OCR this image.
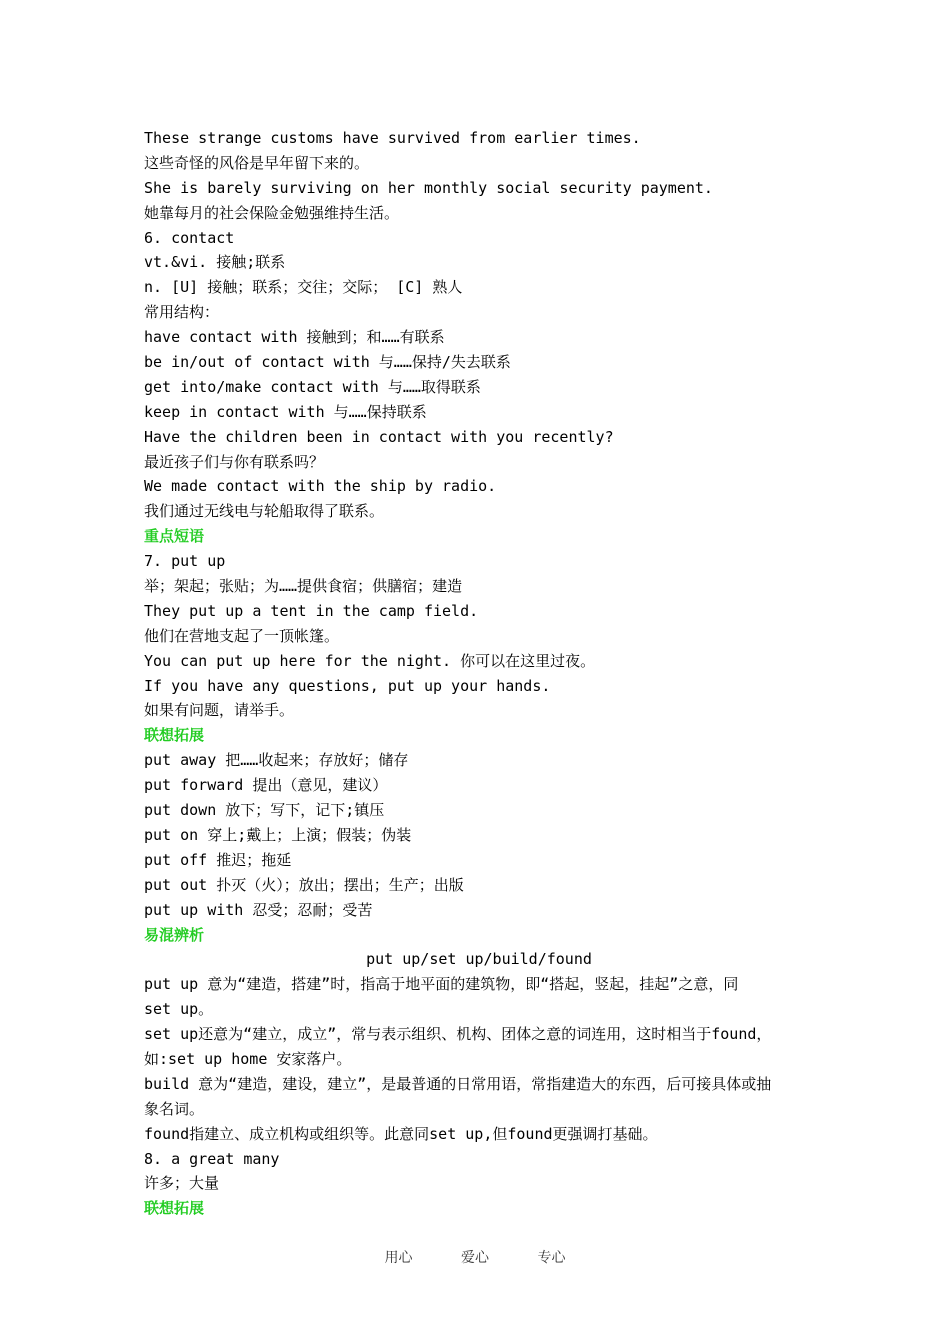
These strange customs have survived from earlier times.
这些奇怪的风俗是早年留下来的。
She is barely surviving on her monthly social security payment.
她靠每月的社会保险金勉强维持生活。
6. contact
vt.&vi. 接触;联系
n. [U] 接触；联系；交往；交际； [C] 熟人
常用结构：
have contact with 接触到；和……有联系
be in/out of contact with 与……保持/失去联系
get into/make contact with 与……取得联系
keep in contact with 与……保持联系
Have the children been in contact with you recently?
最近孩子们与你有联系吗？
We made contact with the ship by radio.
我们通过无线电与轮船取得了联系。
重点短语
7. put up
举；架起；张贴；为……提供食宿；供膳宿；建造
They put up a tent in the camp field.
他们在营地支起了一顶帐篷。
You can put up here for the night. 你可以在这里过夜。
If you have any questions, put up your hands.
如果有问题，请举手。
联想拓展
put away 把……收起来；存放好；储存
put forward 提出（意见，建议）
put down 放下；写下，记下;镇压
put on 穿上;戴上；上演；假装；伪装
put off 推迟；拖延
put out 扑灭（火）；放出；摆出；生产；出版
put up with 忍受；忍耐；受苦
易混辨析
put up/set up/build/found
put up 意为“建造，搭建”时，指高于地平面的建筑物，即“搭起，竖起，挂起”之意，同
set up。
set up还意为“建立，成立”，常与表示组织、机构、团体之意的词连用，这时相当于found，
如:set up home 安家落户。
build 意为“建造，建设，建立”，是最普通的日常用语，常指建造大的东西，后可接具体或抽
象名词。
found指建立、成立机构或组织等。此意同set up,但found更强调打基础。
8. a great many
许多；大量
联想拓展
用心	爱心	专心
